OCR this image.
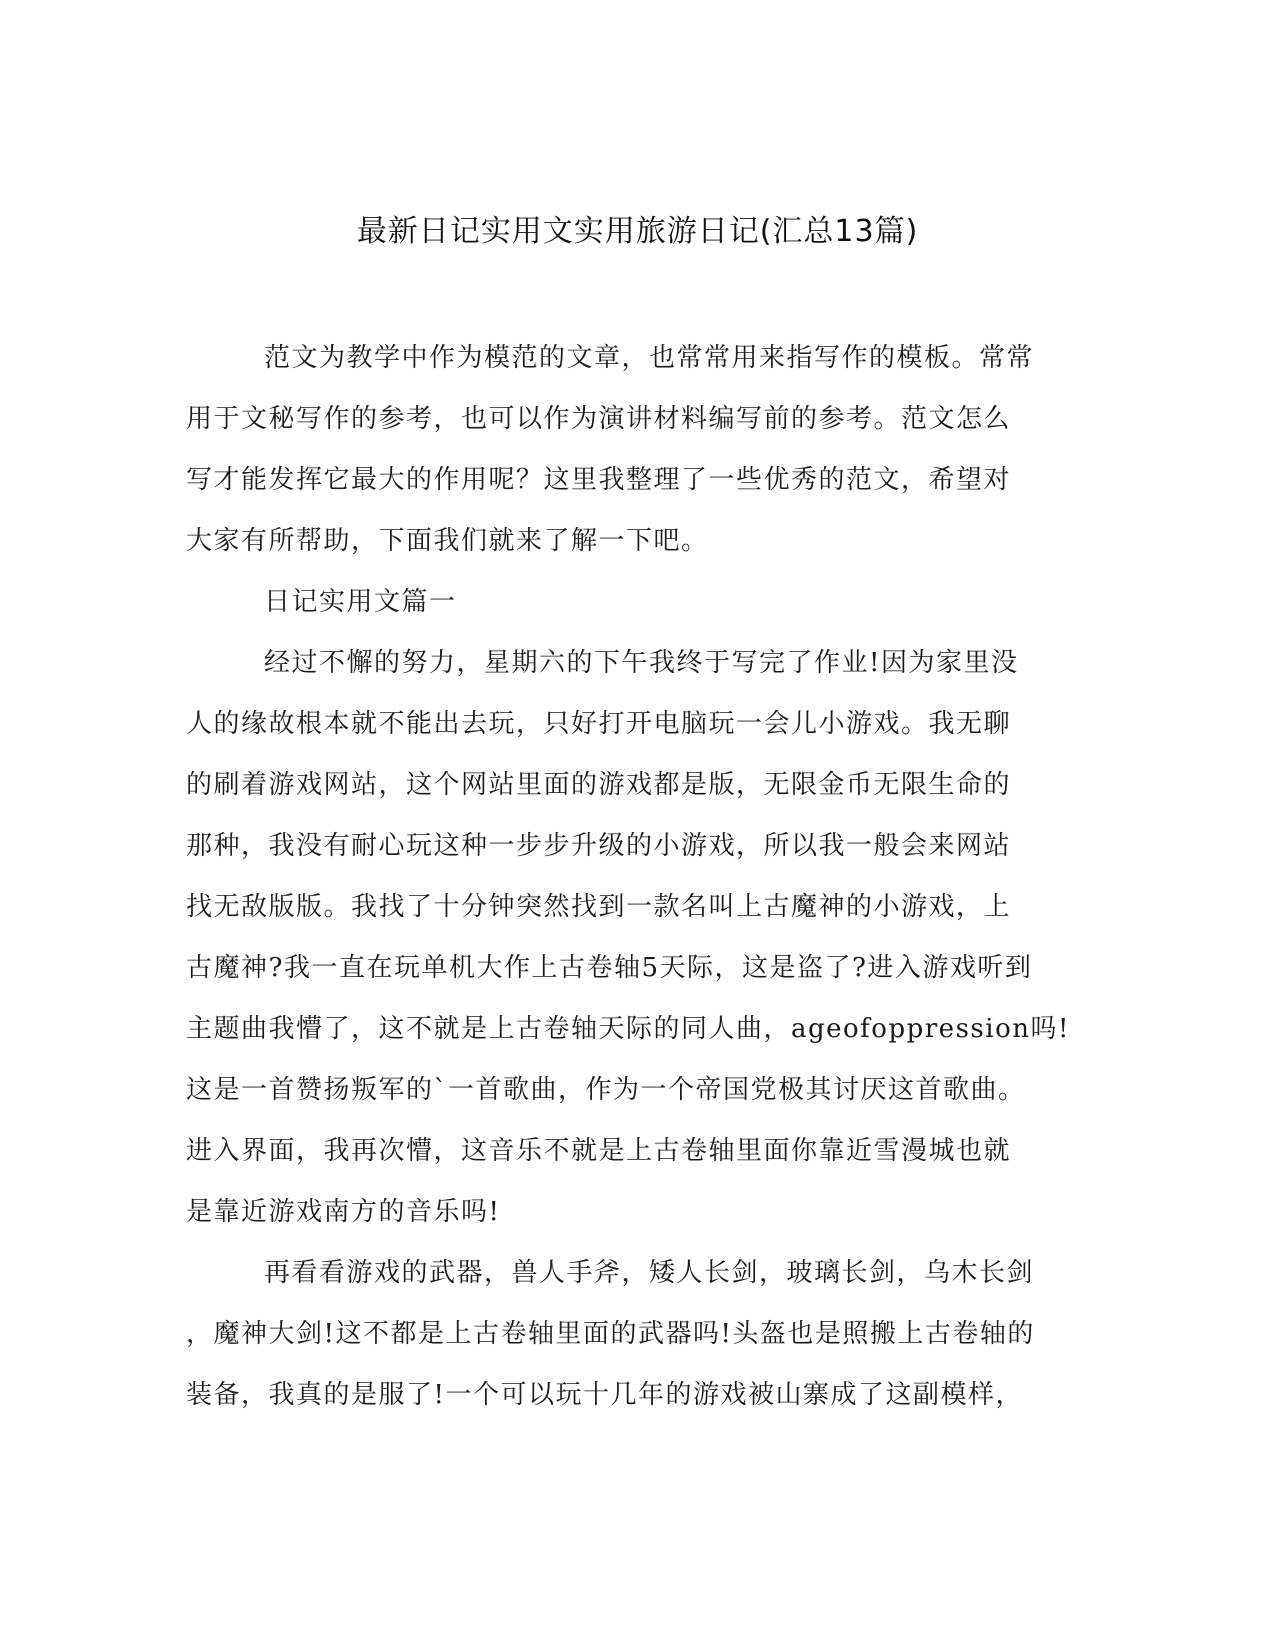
最新日记实用文实用旅游日记(汇总13篇)
范文为教学中作为模范的文章，也常常用来指写作的模板。常常
用于文秘写作的参考，也可以作为演讲材料编写前的参考。范文怎么
写才能发挥它最大的作用呢？这里我整理了一些优秀的范文，希望对
大家有所帮助，下面我们就来了解一下吧。
日记实用文篇一
经过不懈的努力，星期六的下午我终于写完了作业!因为家里没
人的缘故根本就不能出去玩，只好打开电脑玩一会儿小游戏。我无聊
的刷着游戏网站，这个网站里面的游戏都是版，无限金币无限生命的
那种，我没有耐心玩这种一步步升级的小游戏，所以我一般会来网站
找无敌版版。我找了十分钟突然找到一款名叫上古魔神的小游戏，上
古魔神?我一直在玩单机大作上古卷轴5天际，这是盗了?进入游戏听到
主题曲我懵了，这不就是上古卷轴天际的同人曲，ageofoppression吗!
这是一首赞扬叛军的`一首歌曲，作为一个帝国党极其讨厌这首歌曲。
进入界面，我再次懵，这音乐不就是上古卷轴里面你靠近雪漫城也就
是靠近游戏南方的音乐吗!
再看看游戏的武器，兽人手斧，矮人长剑，玻璃长剑，乌木长剑
，魔神大剑!这不都是上古卷轴里面的武器吗!头盔也是照搬上古卷轴的
装备，我真的是服了!一个可以玩十几年的游戏被山寨成了这副模样，
